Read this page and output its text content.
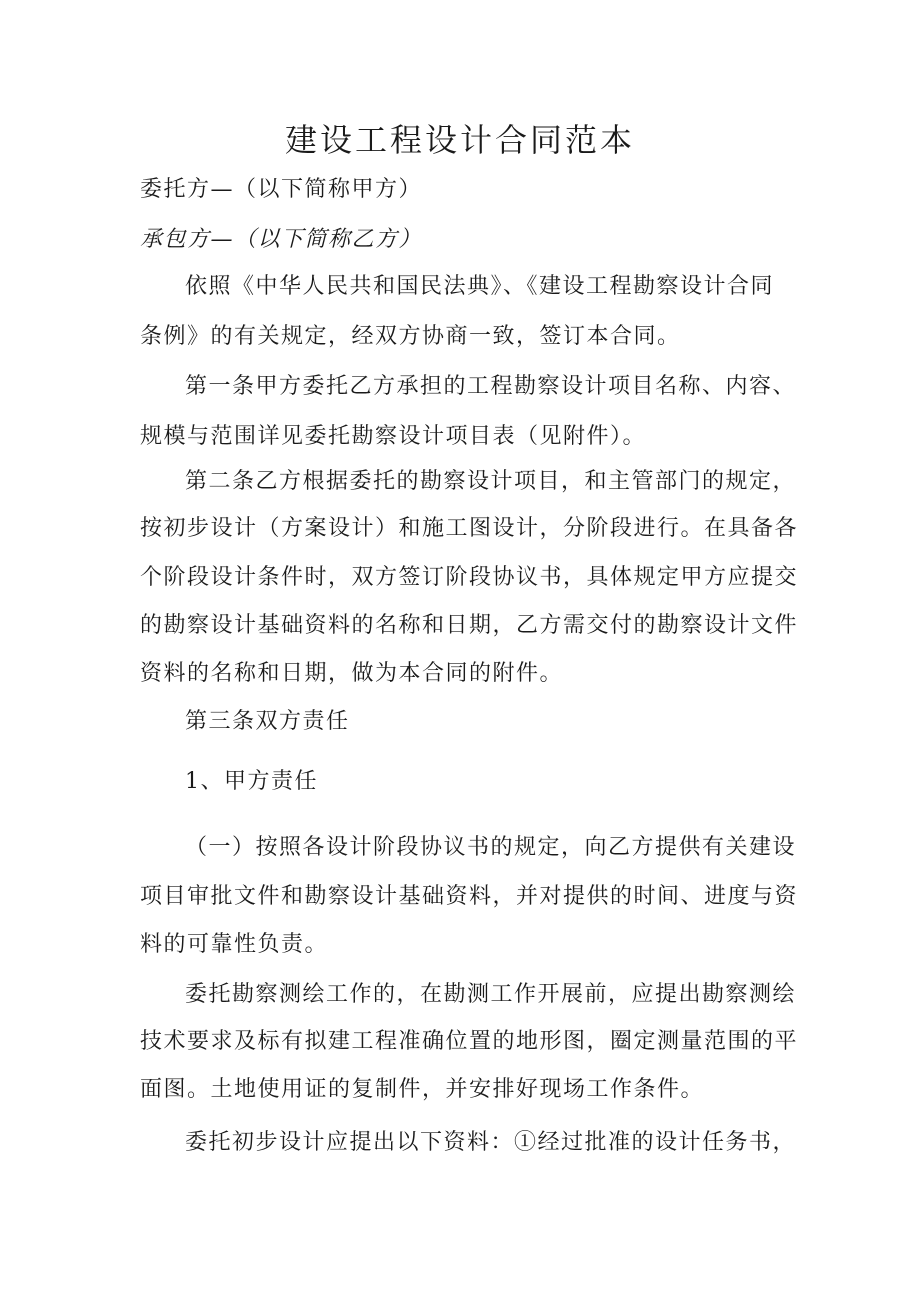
建设工程设计合同范本
委托方—（以下简称甲方）
承包方—（以下简称乙方）
依照《中华人民共和国民法典》、《建设工程勘察设计合同
条例》的有关规定，经双方协商一致，签订本合同。
第一条甲方委托乙方承担的工程勘察设计项目名称、内容、
规模与范围详见委托勘察设计项目表（见附件）。
第二条乙方根据委托的勘察设计项目，和主管部门的规定，
按初步设计（方案设计）和施工图设计，分阶段进行。在具备各
个阶段设计条件时，双方签订阶段协议书，具体规定甲方应提交
的勘察设计基础资料的名称和日期，乙方需交付的勘察设计文件
资料的名称和日期，做为本合同的附件。
第三条双方责任
1、甲方责任
（一）按照各设计阶段协议书的规定，向乙方提供有关建设
项目审批文件和勘察设计基础资料，并对提供的时间、进度与资
料的可靠性负责。
委托勘察测绘工作的，在勘测工作开展前，应提出勘察测绘
技术要求及标有拟建工程准确位置的地形图，圈定测量范围的平
面图。土地使用证的复制件，并安排好现场工作条件。
委托初步设计应提出以下资料：①经过批准的设计任务书，
